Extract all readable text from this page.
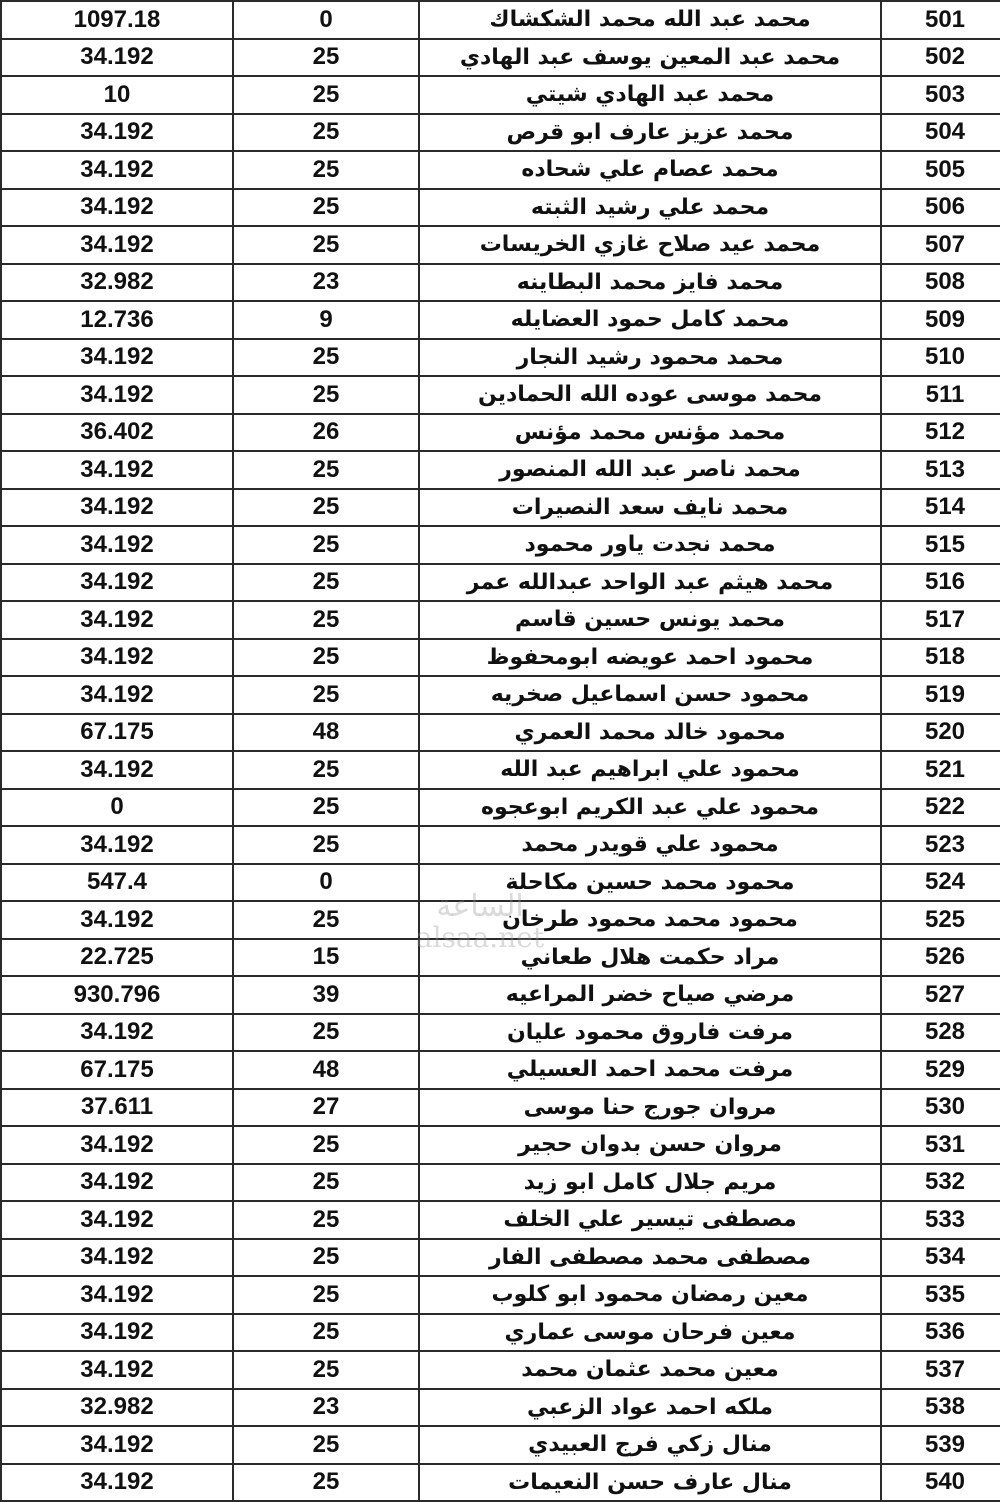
1097.18	0	محمد عبد الله محمد الشكشاك	501
34.192	25	محمد عبد المعين يوسف عبد الهادي	502
10	25	محمد عبد الهادي شيتي	503
34.192	25	محمد عزيز عارف ابو قرص	504
34.192	25	محمد عصام علي شحاده	505
34.192	25	محمد علي رشيد الثبته	506
34.192	25	محمد عيد صلاح غازي الخريسات	507
32.982	23	محمد فايز محمد البطاينه	508
12.736	9	محمد كامل حمود العضايله	509
34.192	25	محمد محمود رشيد النجار	510
34.192	25	محمد موسى عوده الله الحمادين	511
36.402	26	محمد مؤنس محمد مؤنس	512
34.192	25	محمد ناصر عبد الله المنصور	513
34.192	25	محمد نايف سعد النصيرات	514
34.192	25	محمد نجدت ياور محمود	515
34.192	25	محمد هيثم عبد الواحد عبدالله عمر	516
34.192	25	محمد يونس حسين قاسم	517
34.192	25	محمود احمد عويضه ابومحفوظ	518
34.192	25	محمود حسن اسماعيل صخريه	519
67.175	48	محمود خالد محمد العمري	520
34.192	25	محمود علي ابراهيم عبد الله	521
0	25	محمود علي عبد الكريم ابوعجوه	522
34.192	25	محمود علي قويدر محمد	523
547.4	0	محمود محمد حسين مكاحلة	524
34.192	25	محمود محمد محمود طرخان	525
22.725	15	مراد حكمت هلال طعاني	526
930.796	39	مرضي صياح خضر المراعيه	527
34.192	25	مرفت فاروق محمود عليان	528
67.175	48	مرفت محمد احمد العسيلي	529
37.611	27	مروان جورج حنا موسى	530
34.192	25	مروان حسن بدوان حجير	531
34.192	25	مريم جلال كامل ابو زيد	532
34.192	25	مصطفى تيسير علي الخلف	533
34.192	25	مصطفى محمد مصطفى الفار	534
34.192	25	معين رمضان محمود ابو كلوب	535
34.192	25	معين فرحان موسى عماري	536
34.192	25	معين محمد عثمان محمد	537
32.982	23	ملكه احمد عواد الزعبي	538
34.192	25	منال زكي فرج العبيدي	539
34.192	25	منال عارف حسن النعيمات	540
الساعة
alsaa.net
